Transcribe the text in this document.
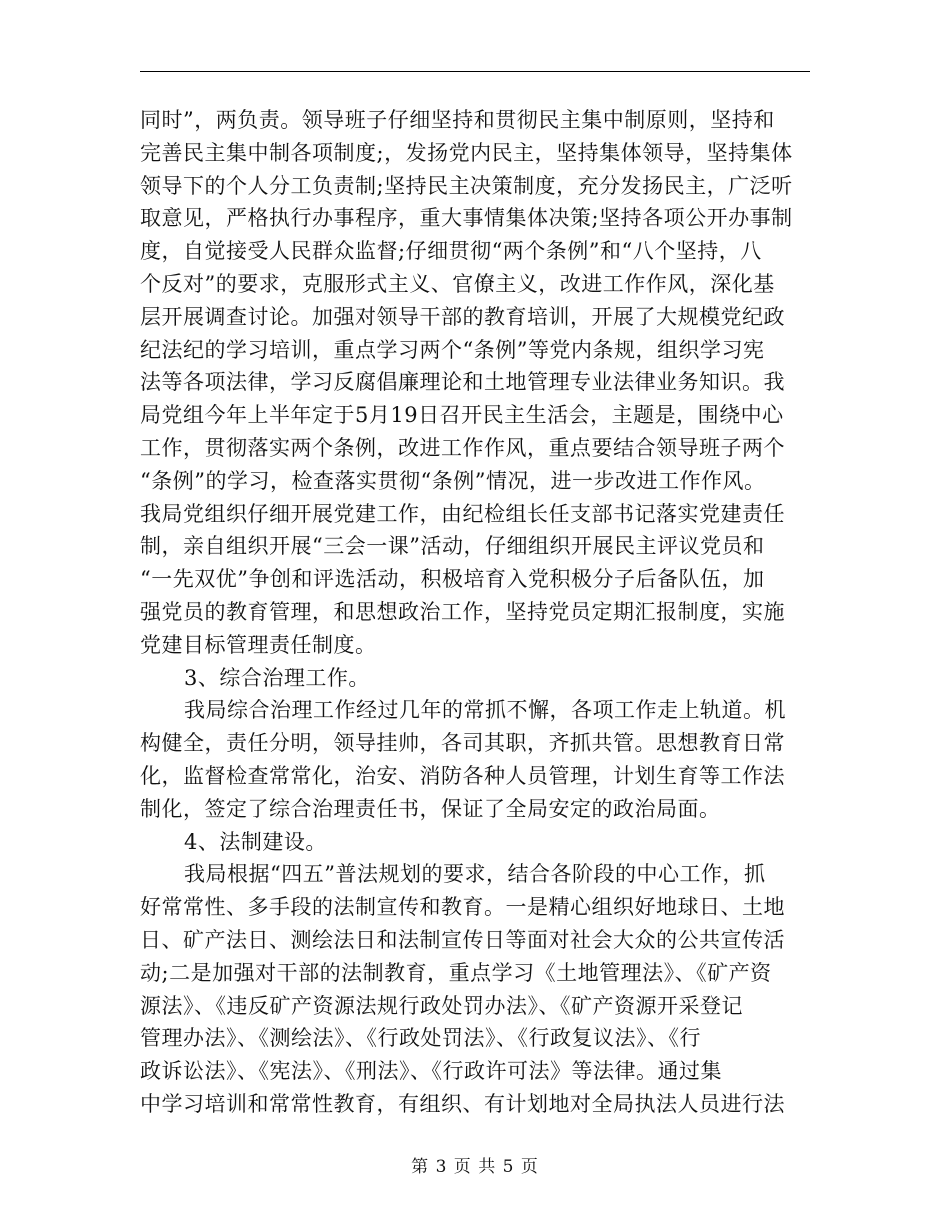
同时”，两负责。领导班子仔细坚持和贯彻民主集中制原则，坚持和
完善民主集中制各项制度;，发扬党内民主，坚持集体领导，坚持集体
领导下的个人分工负责制;坚持民主决策制度，充分发扬民主，广泛听
取意见，严格执行办事程序，重大事情集体决策;坚持各项公开办事制
度，自觉接受人民群众监督;仔细贯彻“两个条例”和“八个坚持，八
个反对”的要求，克服形式主义、官僚主义，改进工作作风，深化基
层开展调查讨论。加强对领导干部的教育培训，开展了大规模党纪政
纪法纪的学习培训，重点学习两个“条例”等党内条规，组织学习宪
法等各项法律，学习反腐倡廉理论和土地管理专业法律业务知识。我
局党组今年上半年定于5月19日召开民主生活会，主题是，围绕中心
工作，贯彻落实两个条例，改进工作作风，重点要结合领导班子两个
“条例”的学习，检查落实贯彻“条例”情况，进一步改进工作作风。
我局党组织仔细开展党建工作，由纪检组长任支部书记落实党建责任
制，亲自组织开展“三会一课”活动，仔细组织开展民主评议党员和
“一先双优”争创和评选活动，积极培育入党积极分子后备队伍，加
强党员的教育管理，和思想政治工作，坚持党员定期汇报制度，实施
党建目标管理责任制度。
3、综合治理工作。
我局综合治理工作经过几年的常抓不懈，各项工作走上轨道。机
构健全，责任分明，领导挂帅，各司其职，齐抓共管。思想教育日常
化，监督检查常常化，治安、消防各种人员管理，计划生育等工作法
制化，签定了综合治理责任书，保证了全局安定的政治局面。
4、法制建设。
我局根据“四五”普法规划的要求，结合各阶段的中心工作，抓
好常常性、多手段的法制宣传和教育。一是精心组织好地球日、土地
日、矿产法日、测绘法日和法制宣传日等面对社会大众的公共宣传活
动;二是加强对干部的法制教育，重点学习《土地管理法》、《矿产资
源法》、《违反矿产资源法规行政处罚办法》、《矿产资源开采登记
管理办法》、《测绘法》、《行政处罚法》、《行政复议法》、《行
政诉讼法》、《宪法》、《刑法》、《行政许可法》等法律。通过集
中学习培训和常常性教育，有组织、有计划地对全局执法人员进行法
第 3 页 共 5 页
